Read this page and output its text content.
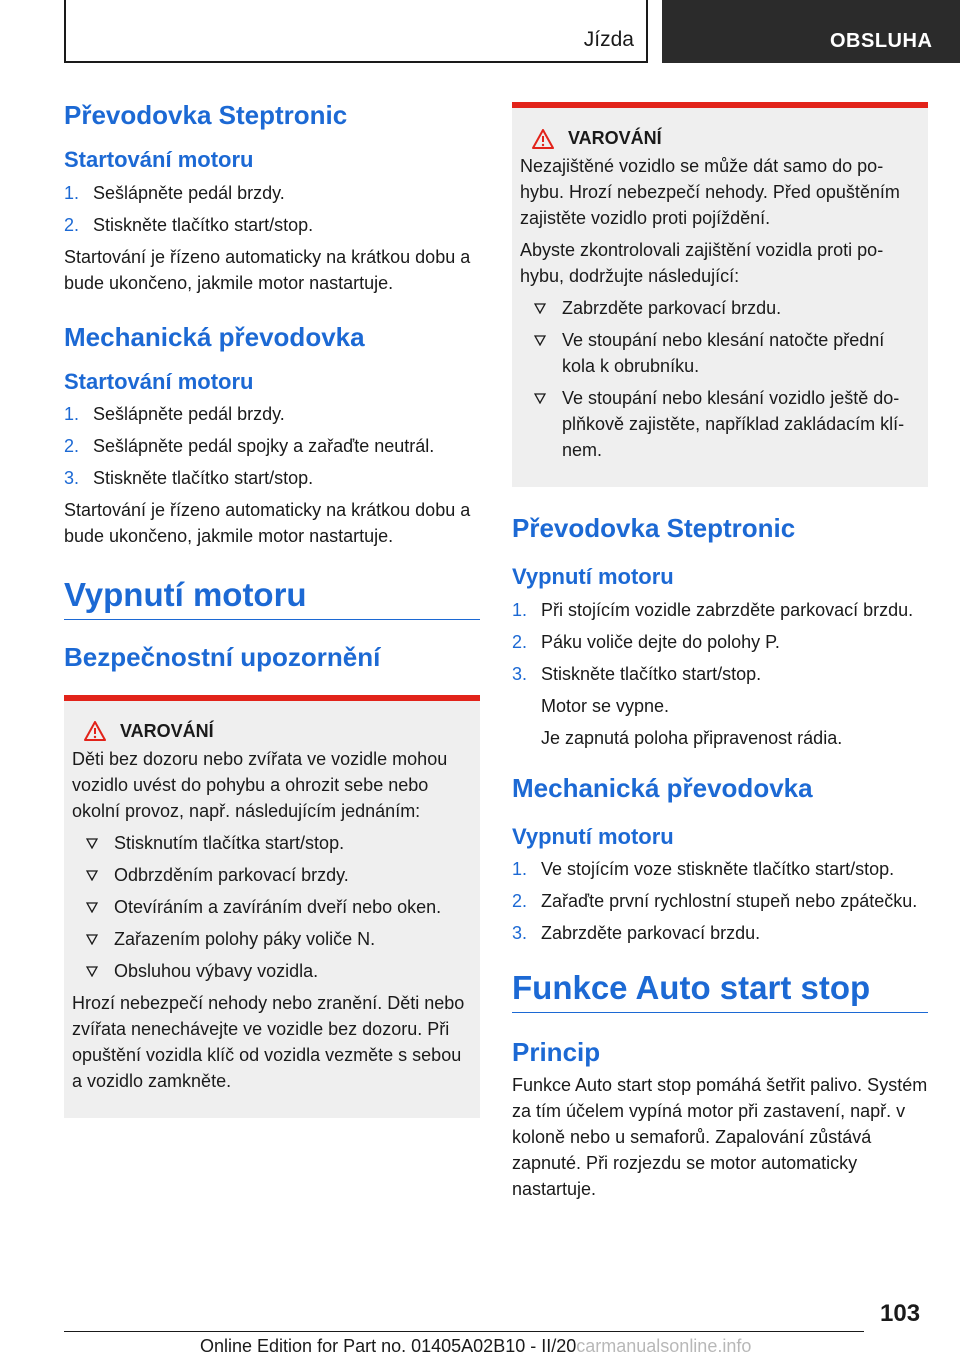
Jízda	OBSLUHA
Převodovka Steptronic
Startování motoru
1. Sešlápněte pedál brzdy.
2. Stiskněte tlačítko start/stop.

Startování je řízeno automaticky na krátkou dobu a bude ukončeno, jakmile motor nastartuje.

Mechanická převodovka
Startování motoru
1. Sešlápněte pedál brzdy.
2. Sešlápněte pedál spojky a zařaďte neutrál.
3. Stiskněte tlačítko start/stop.

Startování je řízeno automaticky na krátkou dobu a bude ukončeno, jakmile motor nastartuje.

Vypnutí motoru
Bezpečnostní upozornění
VAROVÁNÍ

Děti bez dozoru nebo zvířata ve vozidle mohou vozidlo uvést do pohybu a ohrozit sebe nebo okolní provoz, např. následujícím jednáním:

Stisknutím tlačítka start/stop.
Odbrzděním parkovací brzdy.
Otevíráním a zavíráním dveří nebo oken.
Zařazením polohy páky voliče N.
Obsluhou výbavy vozidla.

Hrozí nebezpečí nehody nebo zranění. Děti nebo zvířata nenechávejte ve vozidle bez dozoru. Při opuštění vozidla klíč od vozidla vezměte s sebou a vozidlo zamkněte.

VAROVÁNÍ

Nezajištěné vozidlo se může dát samo do pohybu. Hrozí nebezpečí nehody. Před opuštěním zajistěte vozidlo proti pojíždění.

Abyste zkontrolovali zajištění vozidla proti pohybu, dodržujte následující:

Zabrzděte parkovací brzdu.
Ve stoupání nebo klesání natočte přední kola k obrubníku.
Ve stoupání nebo klesání vozidlo ještě doplňkově zajistěte, například zakládacím klínem.
Převodovka Steptronic
Vypnutí motoru
1. Při stojícím vozidle zabrzděte parkovací brzdu.
2. Páku voliče dejte do polohy P.
3. Stiskněte tlačítko start/stop.
Motor se vypne.
Je zapnutá poloha připravenost rádia.
Mechanická převodovka
Vypnutí motoru
1. Ve stojícím voze stiskněte tlačítko start/stop.
2. Zařaďte první rychlostní stupeň nebo zpátečku.
3. Zabrzděte parkovací brzdu.
Funkce Auto start stop
Princip

Funkce Auto start stop pomáhá šetřit palivo. Systém za tím účelem vypíná motor při zastavení, např. v koloně nebo u semaforů. Zapalování zůstává zapnuté. Při rozjezdu se motor automaticky nastartuje.

103
Online Edition for Part no. 01405A02B10 - II/20carmanualsonline.info
